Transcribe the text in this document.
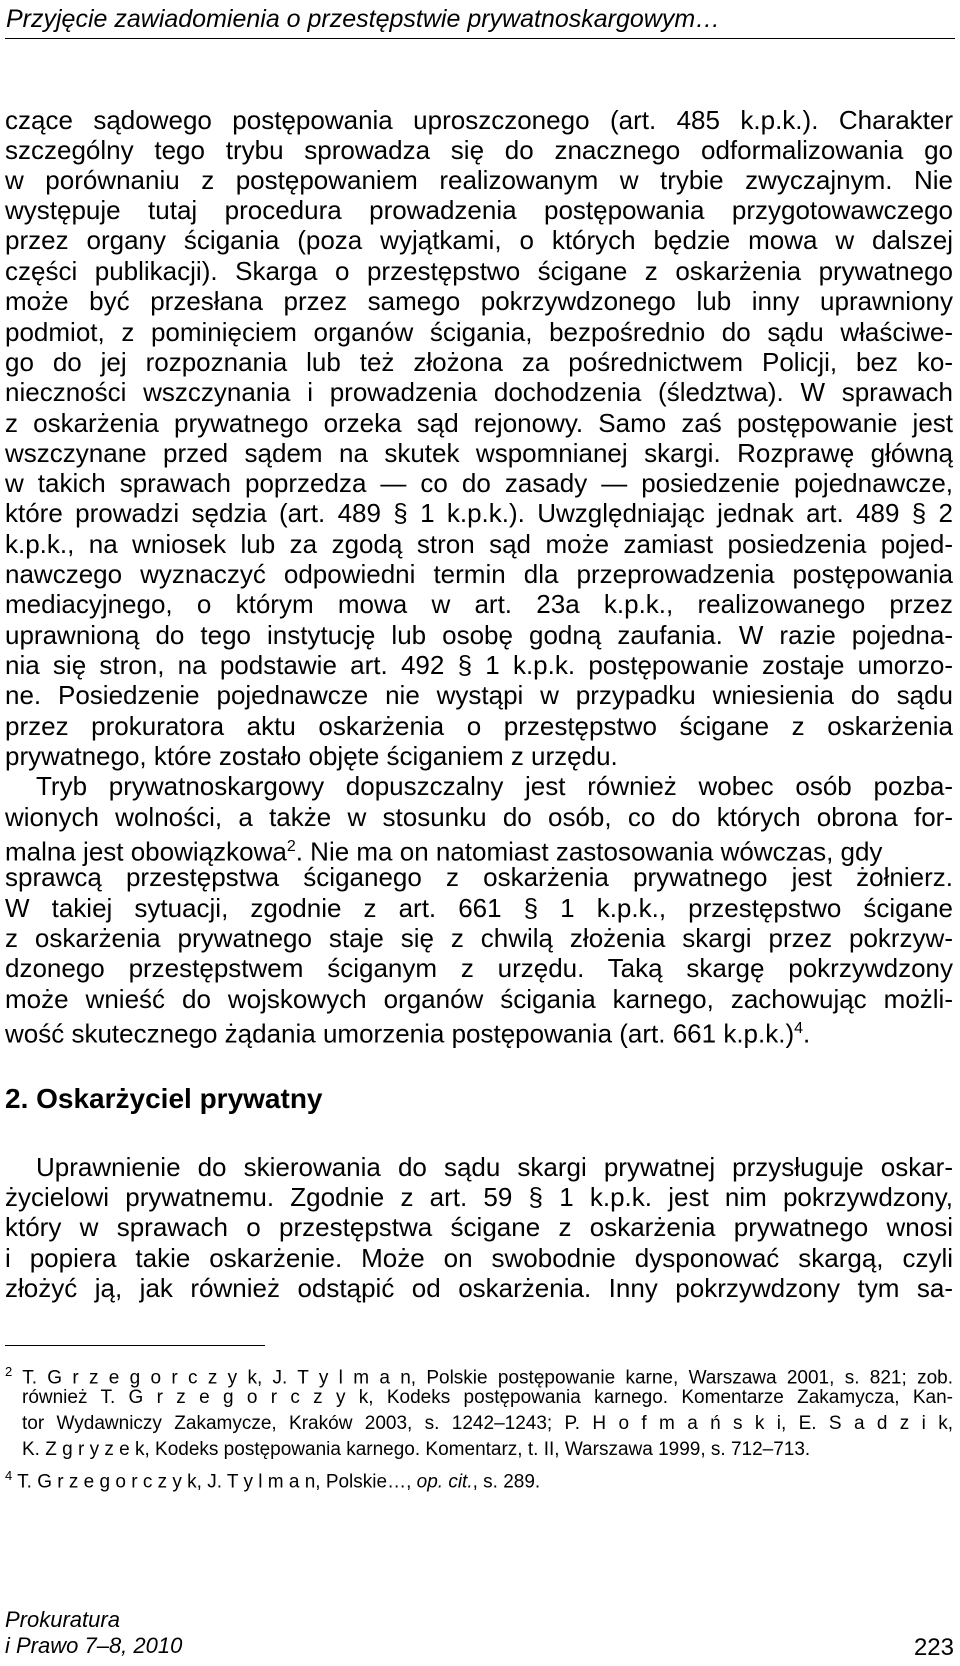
Przyjęcie zawiadomienia o przestępstwie prywatnoskargowym…
czące sądowego postępowania uproszczonego (art. 485 k.p.k.). Charakter
szczególny tego trybu sprowadza się do znacznego odformalizowania go
w porównaniu z postępowaniem realizowanym w trybie zwyczajnym. Nie
występuje tutaj procedura prowadzenia postępowania przygotowawczego
przez organy ścigania (poza wyjątkami, o których będzie mowa w dalszej
części publikacji). Skarga o przestępstwo ścigane z oskarżenia prywatnego
może być przesłana przez samego pokrzywdzonego lub inny uprawniony
podmiot, z pominięciem organów ścigania, bezpośrednio do sądu właściwe-
go do jej rozpoznania lub też złożona za pośrednictwem Policji, bez ko-
nieczności wszczynania i prowadzenia dochodzenia (śledztwa). W sprawach
z oskarżenia prywatnego orzeka sąd rejonowy. Samo zaś postępowanie jest
wszczynane przed sądem na skutek wspomnianej skargi. Rozprawę główną
w takich sprawach poprzedza — co do zasady — posiedzenie pojednawcze,
które prowadzi sędzia (art. 489 § 1 k.p.k.). Uwzględniając jednak art. 489 § 2
k.p.k., na wniosek lub za zgodą stron sąd może zamiast posiedzenia pojed-
nawczego wyznaczyć odpowiedni termin dla przeprowadzenia postępowania
mediacyjnego, o którym mowa w art. 23a k.p.k., realizowanego przez
uprawnioną do tego instytucję lub osobę godną zaufania. W razie pojedna-
nia się stron, na podstawie art. 492 § 1 k.p.k. postępowanie zostaje umorzo-
ne. Posiedzenie pojednawcze nie wystąpi w przypadku wniesienia do sądu
przez prokuratora aktu oskarżenia o przestępstwo ścigane z oskarżenia
prywatnego, które zostało objęte ściganiem z urzędu.
Tryb prywatnoskargowy dopuszczalny jest również wobec osób pozba-
wionych wolności, a także w stosunku do osób, co do których obrona for-
malna jest obowiązkowa$^2$. Nie ma on natomiast zastosowania wówczas, gdy
sprawcą przestępstwa ściganego z oskarżenia prywatnego jest żołnierz.
W takiej sytuacji, zgodnie z art. 661 § 1 k.p.k., przestępstwo ścigane
z oskarżenia prywatnego staje się z chwilą złożenia skargi przez pokrzyw-
dzonego przestępstwem ściganym z urzędu. Taką skargę pokrzywdzony
może wnieść do wojskowych organów ścigania karnego, zachowując możli-
wość skutecznego żądania umorzenia postępowania (art. 661 k.p.k.)$^4$.
2. Oskarżyciel prywatny
Uprawnienie do skierowania do sądu skargi prywatnej przysługuje oskar-
życielowi prywatnemu. Zgodnie z art. 59 § 1 k.p.k. jest nim pokrzywdzony,
który w sprawach o przestępstwa ścigane z oskarżenia prywatnego wnosi
i popiera takie oskarżenie. Może on swobodnie dysponować skargą, czyli
złożyć ją, jak również odstąpić od oskarżenia. Inny pokrzywdzony tym sa-
$^2$ T. G r z e g o r c z y k, J. T y l m a n, Polskie postępowanie karne, Warszawa 2001, s. 821; zob.
również T. G r z e g o r c z y k, Kodeks postępowania karnego. Komentarze Zakamycza, Kan-
tor Wydawniczy Zakamycze, Kraków 2003, s. 1242–1243; P. H o f m a ń s k i, E. S a d z i k,
K. Z g r y z e k, Kodeks postępowania karnego. Komentarz, t. II, Warszawa 1999, s. 712–713.
$^4$ T. G r z e g o r c z y k, J. T y l m a n, Polskie…, op. cit., s. 289.
Prokuratura
i Prawo 7–8, 2010	223
